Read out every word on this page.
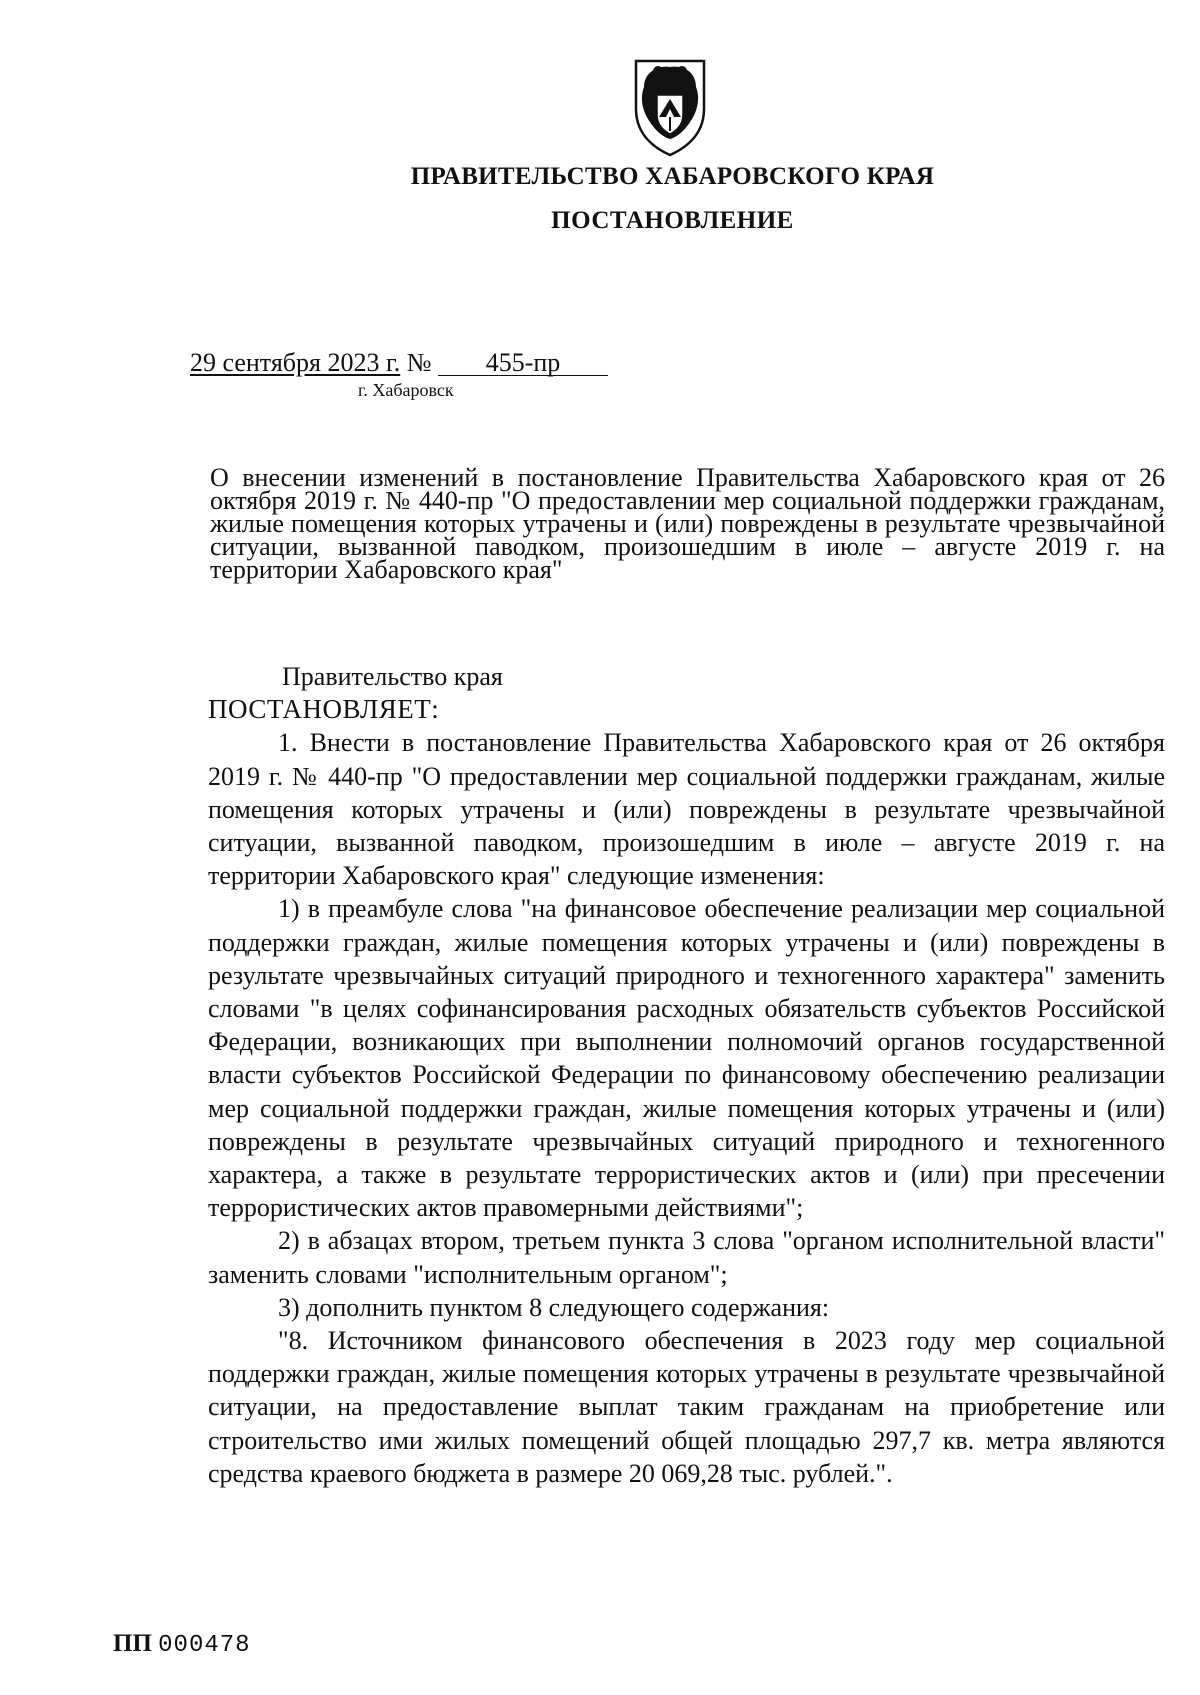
ПРАВИТЕЛЬСТВО ХАБАРОВСКОГО КРАЯ
ПОСТАНОВЛЕНИЕ
29 сентября 2023 г. № 455-пр
г. Хабаровск
О внесении изменений в постановление Правительства Хабаровского края от 26 октября 2019 г. № 440-пр "О предоставлении мер социальной поддержки гражданам, жилые помещения которых утрачены и (или) повреждены в результате чрезвычайной ситуации, вызванной паводком, произошедшим в июле – августе 2019 г. на территории Хабаровского края"

Правительство края

ПОСТАНОВЛЯЕТ:

1. Внести в постановление Правительства Хабаровского края от 26 октября 2019 г. № 440-пр "О предоставлении мер социальной поддержки гражданам, жилые помещения которых утрачены и (или) повреждены в результате чрезвычайной ситуации, вызванной паводком, произошедшим в июле – августе 2019 г. на территории Хабаровского края" следующие изменения:

1) в преамбуле слова "на финансовое обеспечение реализации мер социальной поддержки граждан, жилые помещения которых утрачены и (или) повреждены в результате чрезвычайных ситуаций природного и техногенного характера" заменить словами "в целях софинансирования расходных обязательств субъектов Российской Федерации, возникающих при выполнении полномочий органов государственной власти субъектов Российской Федерации по финансовому обеспечению реализации мер социальной поддержки граждан, жилые помещения которых утрачены и (или) повреждены в результате чрезвычайных ситуаций природного и техногенного характера, а также в результате террористических актов и (или) при пресечении террористических актов правомерными действиями";

2) в абзацах втором, третьем пункта 3 слова "органом исполнительной власти" заменить словами "исполнительным органом";

3) дополнить пунктом 8 следующего содержания:

"8. Источником финансового обеспечения в 2023 году мер социальной поддержки граждан, жилые помещения которых утрачены в результате чрезвычайной ситуации, на предоставление выплат таким гражданам на приобретение или строительство ими жилых помещений общей площадью 297,7 кв. метра являются средства краевого бюджета в размере 20 069,28 тыс. рублей.".

ПП 000478
